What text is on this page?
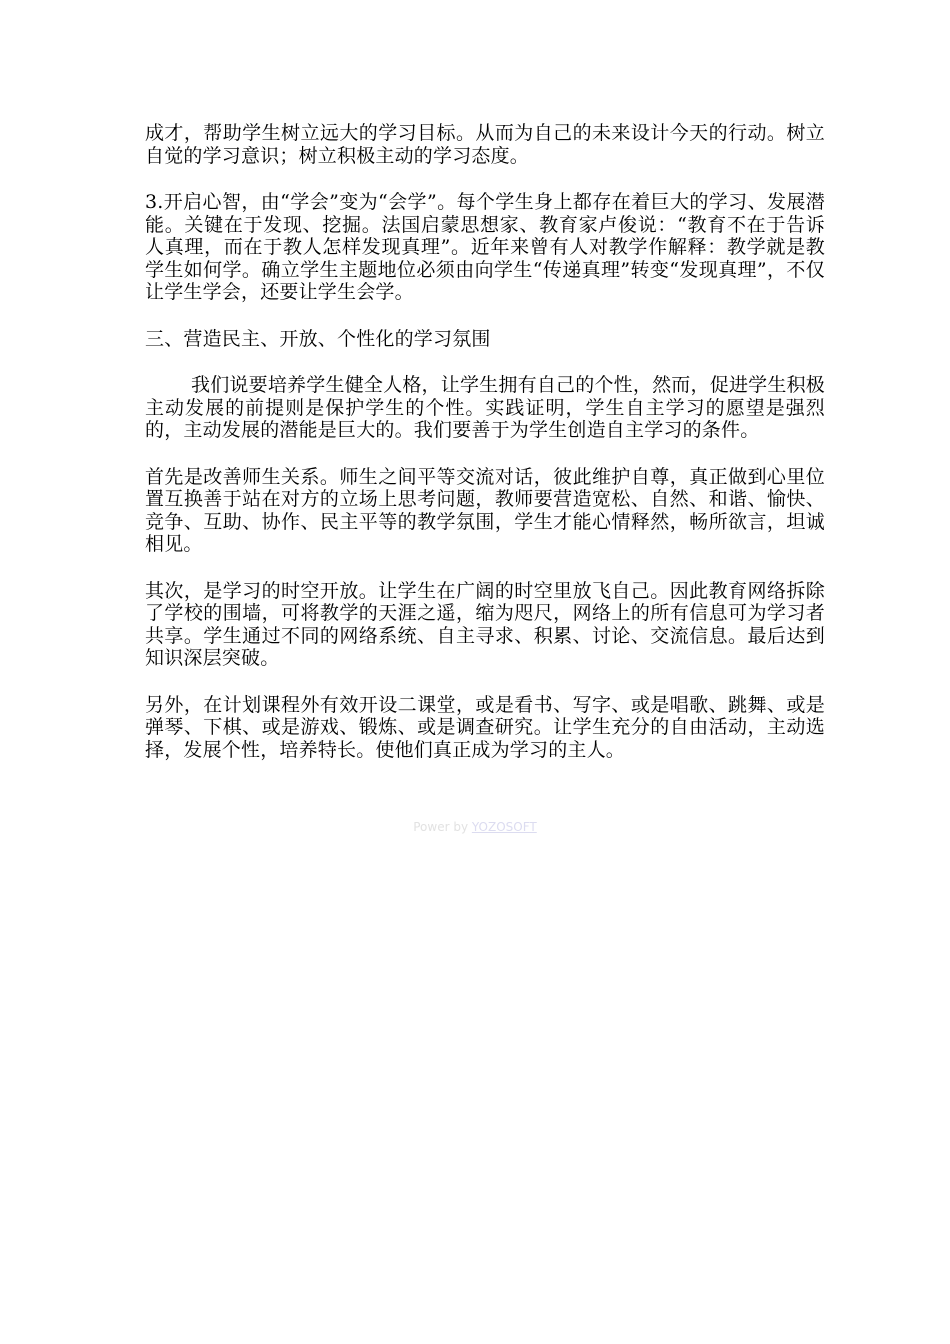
成才，帮助学生树立远大的学习目标。从而为自己的未来设计今天的行动。树立自觉的学习意识；树立积极主动的学习态度。

3.开启心智，由“学会”变为“会学”。每个学生身上都存在着巨大的学习、发展潜能。关键在于发现、挖掘。法国启蒙思想家、教育家卢俊说：“教育不在于告诉人真理，而在于教人怎样发现真理”。近年来曾有人对教学作解释：教学就是教学生如何学。确立学生主题地位必须由向学生“传递真理”转变“发现真理”，不仅让学生学会，还要让学生会学。

三、营造民主、开放、个性化的学习氛围

我们说要培养学生健全人格，让学生拥有自己的个性，然而，促进学生积极主动发展的前提则是保护学生的个性。实践证明，学生自主学习的愿望是强烈的，主动发展的潜能是巨大的。我们要善于为学生创造自主学习的条件。

首先是改善师生关系。师生之间平等交流对话，彼此维护自尊，真正做到心里位置互换善于站在对方的立场上思考问题，教师要营造宽松、自然、和谐、愉快、竞争、互助、协作、民主平等的教学氛围，学生才能心情释然，畅所欲言，坦诚相见。

其次，是学习的时空开放。让学生在广阔的时空里放飞自己。因此教育网络拆除了学校的围墙，可将教学的天涯之遥，缩为咫尺，网络上的所有信息可为学习者共享。学生通过不同的网络系统、自主寻求、积累、讨论、交流信息。最后达到知识深层突破。

另外，在计划课程外有效开设二课堂，或是看书、写字、或是唱歌、跳舞、或是弹琴、下棋、或是游戏、锻炼、或是调查研究。让学生充分的自由活动，主动选择，发展个性，培养特长。使他们真正成为学习的主人。

Power by YOZOSOFT
